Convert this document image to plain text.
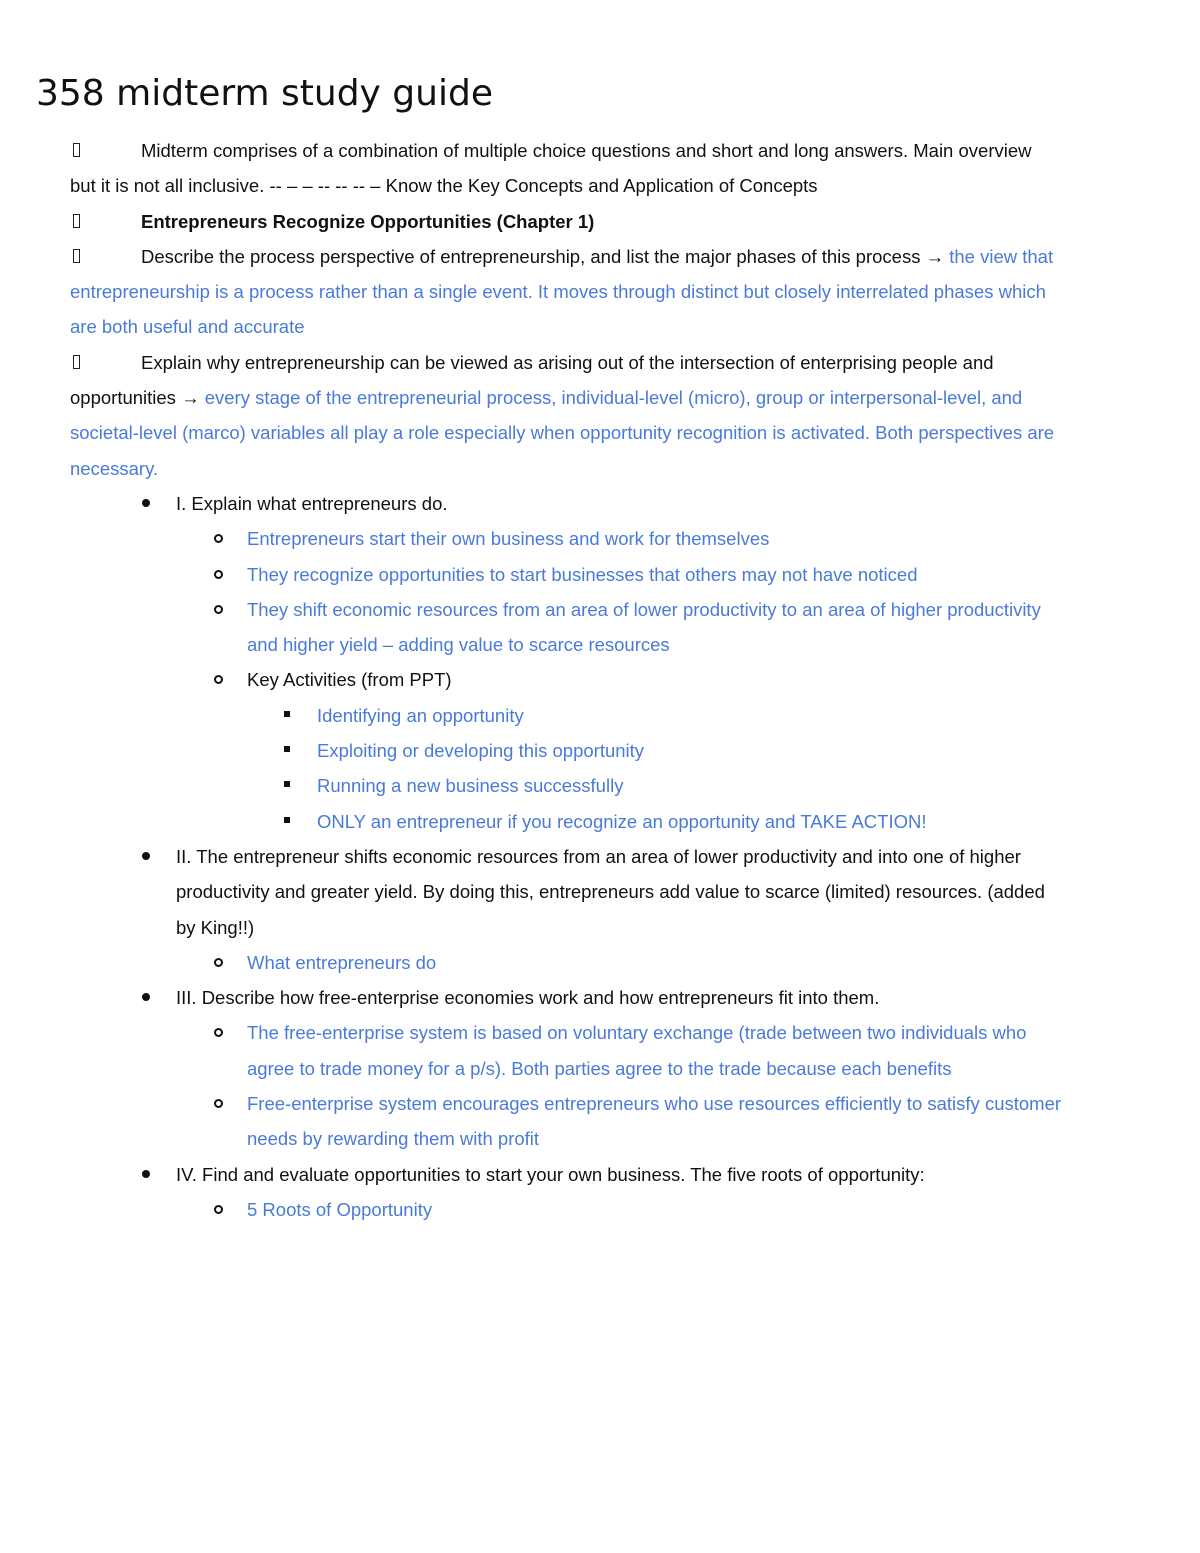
358 midterm study guide
Midterm comprises of a combination of multiple choice questions and short and long answers. Main overview
but it is not all inclusive. -- – – -- -- -- – Know the Key Concepts and Application of Concepts
Entrepreneurs Recognize Opportunities (Chapter 1)
Describe the process perspective of entrepreneurship, and list the major phases of this process → the view that
entrepreneurship is a process rather than a single event. It moves through distinct but closely interrelated phases which
are both useful and accurate
Explain why entrepreneurship can be viewed as arising out of the intersection of enterprising people and
opportunities → every stage of the entrepreneurial process, individual-level (micro), group or interpersonal-level, and
societal-level (marco) variables all play a role especially when opportunity recognition is activated. Both perspectives are
necessary.
I. Explain what entrepreneurs do.
Entrepreneurs start their own business and work for themselves
They recognize opportunities to start businesses that others may not have noticed
They shift economic resources from an area of lower productivity to an area of higher productivity
and higher yield – adding value to scarce resources
Key Activities (from PPT)
Identifying an opportunity
Exploiting or developing this opportunity
Running a new business successfully
ONLY an entrepreneur if you recognize an opportunity and TAKE ACTION!
II. The entrepreneur shifts economic resources from an area of lower productivity and into one of higher
productivity and greater yield. By doing this, entrepreneurs add value to scarce (limited) resources. (added
by King!!)
What entrepreneurs do
III. Describe how free-enterprise economies work and how entrepreneurs fit into them.
The free-enterprise system is based on voluntary exchange (trade between two individuals who
agree to trade money for a p/s). Both parties agree to the trade because each benefits
Free-enterprise system encourages entrepreneurs who use resources efficiently to satisfy customer
needs by rewarding them with profit
IV. Find and evaluate opportunities to start your own business. The five roots of opportunity:
5 Roots of Opportunity
